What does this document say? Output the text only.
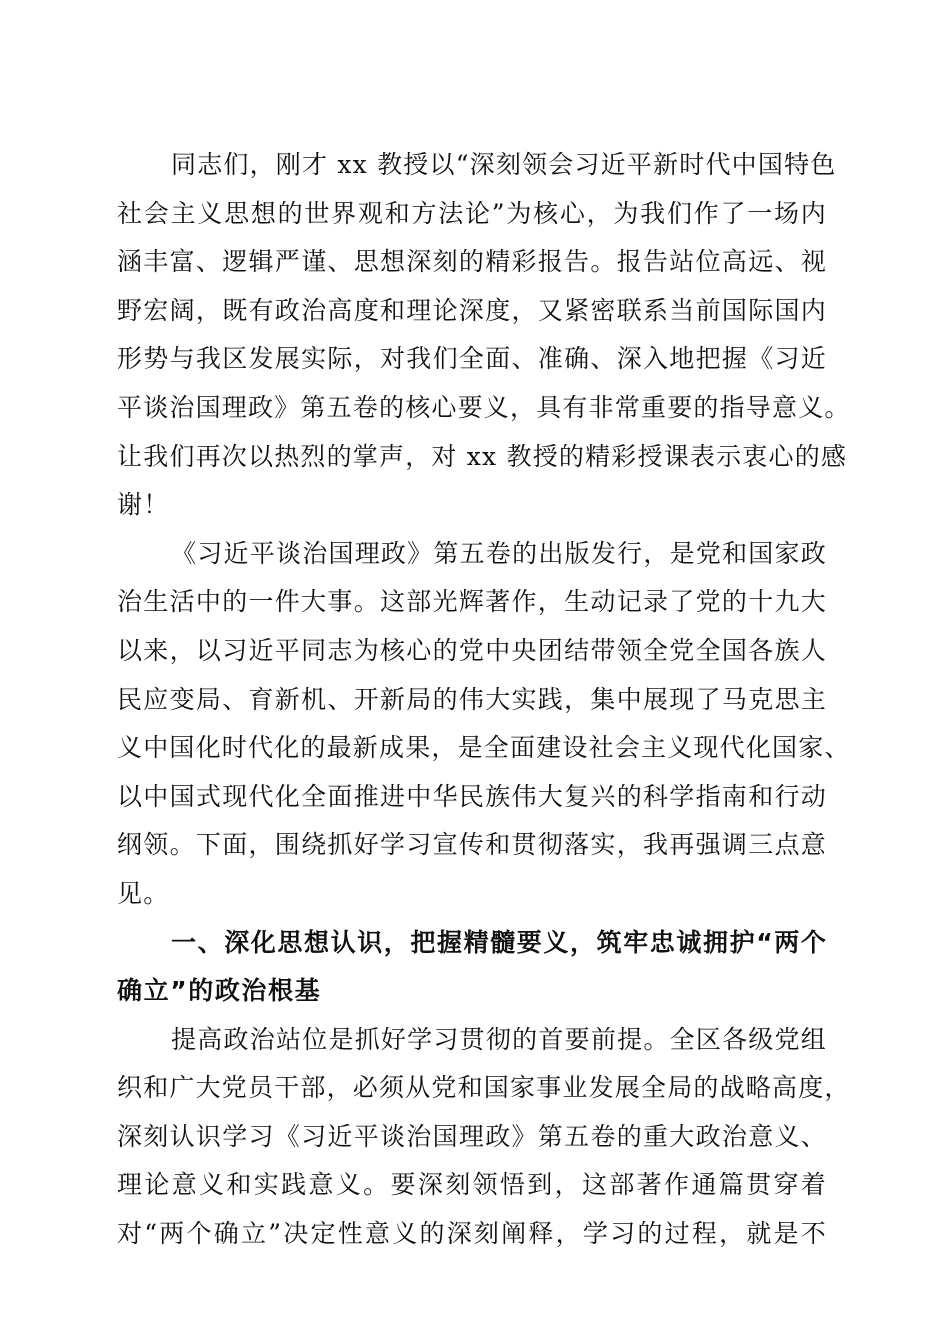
同志们，刚才 xx 教授以“深刻领会习近平新时代中国特色
社会主义思想的世界观和方法论”为核心，为我们作了一场内
涵丰富、逻辑严谨、思想深刻的精彩报告。报告站位高远、视
野宏阔，既有政治高度和理论深度，又紧密联系当前国际国内
形势与我区发展实际，对我们全面、准确、深入地把握《习近
平谈治国理政》第五卷的核心要义，具有非常重要的指导意义。
让我们再次以热烈的掌声，对 xx 教授的精彩授课表示衷心的感
谢！
《习近平谈治国理政》第五卷的出版发行，是党和国家政
治生活中的一件大事。这部光辉著作，生动记录了党的十九大
以来，以习近平同志为核心的党中央团结带领全党全国各族人
民应变局、育新机、开新局的伟大实践，集中展现了马克思主
义中国化时代化的最新成果，是全面建设社会主义现代化国家、
以中国式现代化全面推进中华民族伟大复兴的科学指南和行动
纲领。下面，围绕抓好学习宣传和贯彻落实，我再强调三点意
见。
一、深化思想认识，把握精髓要义，筑牢忠诚拥护“两个
确立”的政治根基
提高政治站位是抓好学习贯彻的首要前提。全区各级党组
织和广大党员干部，必须从党和国家事业发展全局的战略高度，
深刻认识学习《习近平谈治国理政》第五卷的重大政治意义、
理论意义和实践意义。要深刻领悟到，这部著作通篇贯穿着
对“两个确立”决定性意义的深刻阐释，学习的过程，就是不
